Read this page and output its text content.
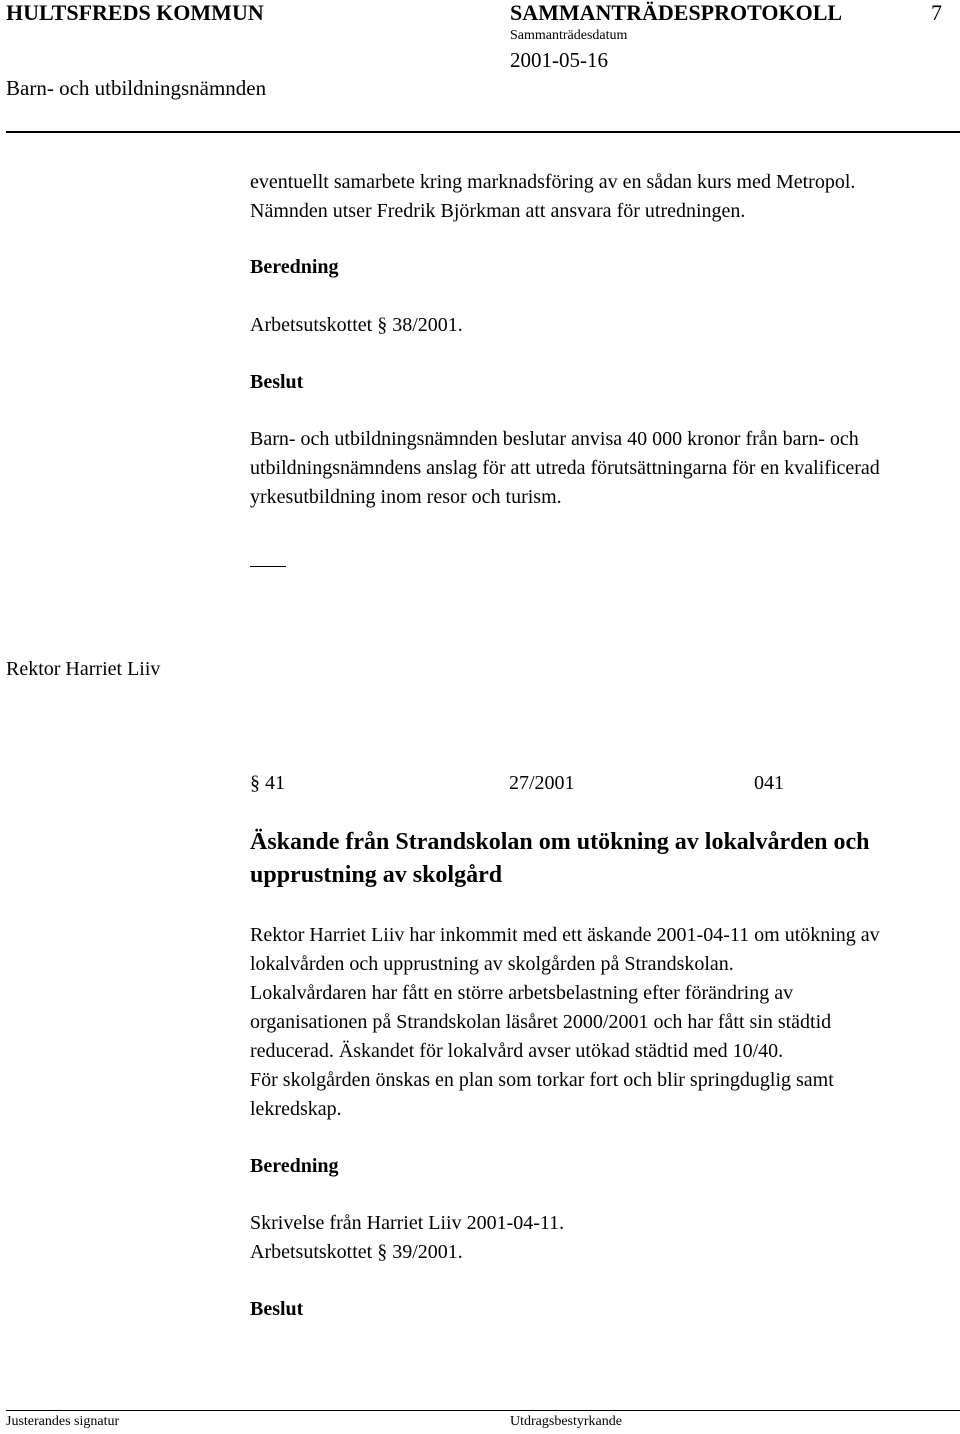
HULTSFREDS KOMMUN	SAMMANTRÄDESPROTOKOLL	7
Sammanträdesdatum
2001-05-16
Barn- och utbildningsnämnden

eventuellt samarbete kring marknadsföring av en sådan kurs med Metropol.

Nämnden utser Fredrik Björkman att ansvara för utredningen.

Beredning
Arbetsutskottet § 38/2001.
Beslut

Barn- och utbildningsnämnden beslutar anvisa 40 000 kronor från barn- och

utbildningsnämndens anslag för att utreda förutsättningarna för en kvalificerad

yrkesutbildning inom resor och turism.

Rektor Harriet Liiv
§ 41	27/2001	041
Äskande från Strandskolan om utökning av lokalvården och
upprustning av skolgård

Rektor Harriet Liiv har inkommit med ett äskande 2001-04-11 om utökning av

lokalvården och upprustning av skolgården på Strandskolan.

Lokalvårdaren har fått en större arbetsbelastning efter förändring av

organisationen på Strandskolan läsåret 2000/2001 och har fått sin städtid

reducerad. Äskandet för lokalvård avser utökad städtid med 10/40.

För skolgården önskas en plan som torkar fort och blir springduglig samt

lekredskap.

Beredning

Skrivelse från Harriet Liiv 2001-04-11.

Arbetsutskottet § 39/2001.

Beslut
Justerandes signatur	Utdragsbestyrkande
